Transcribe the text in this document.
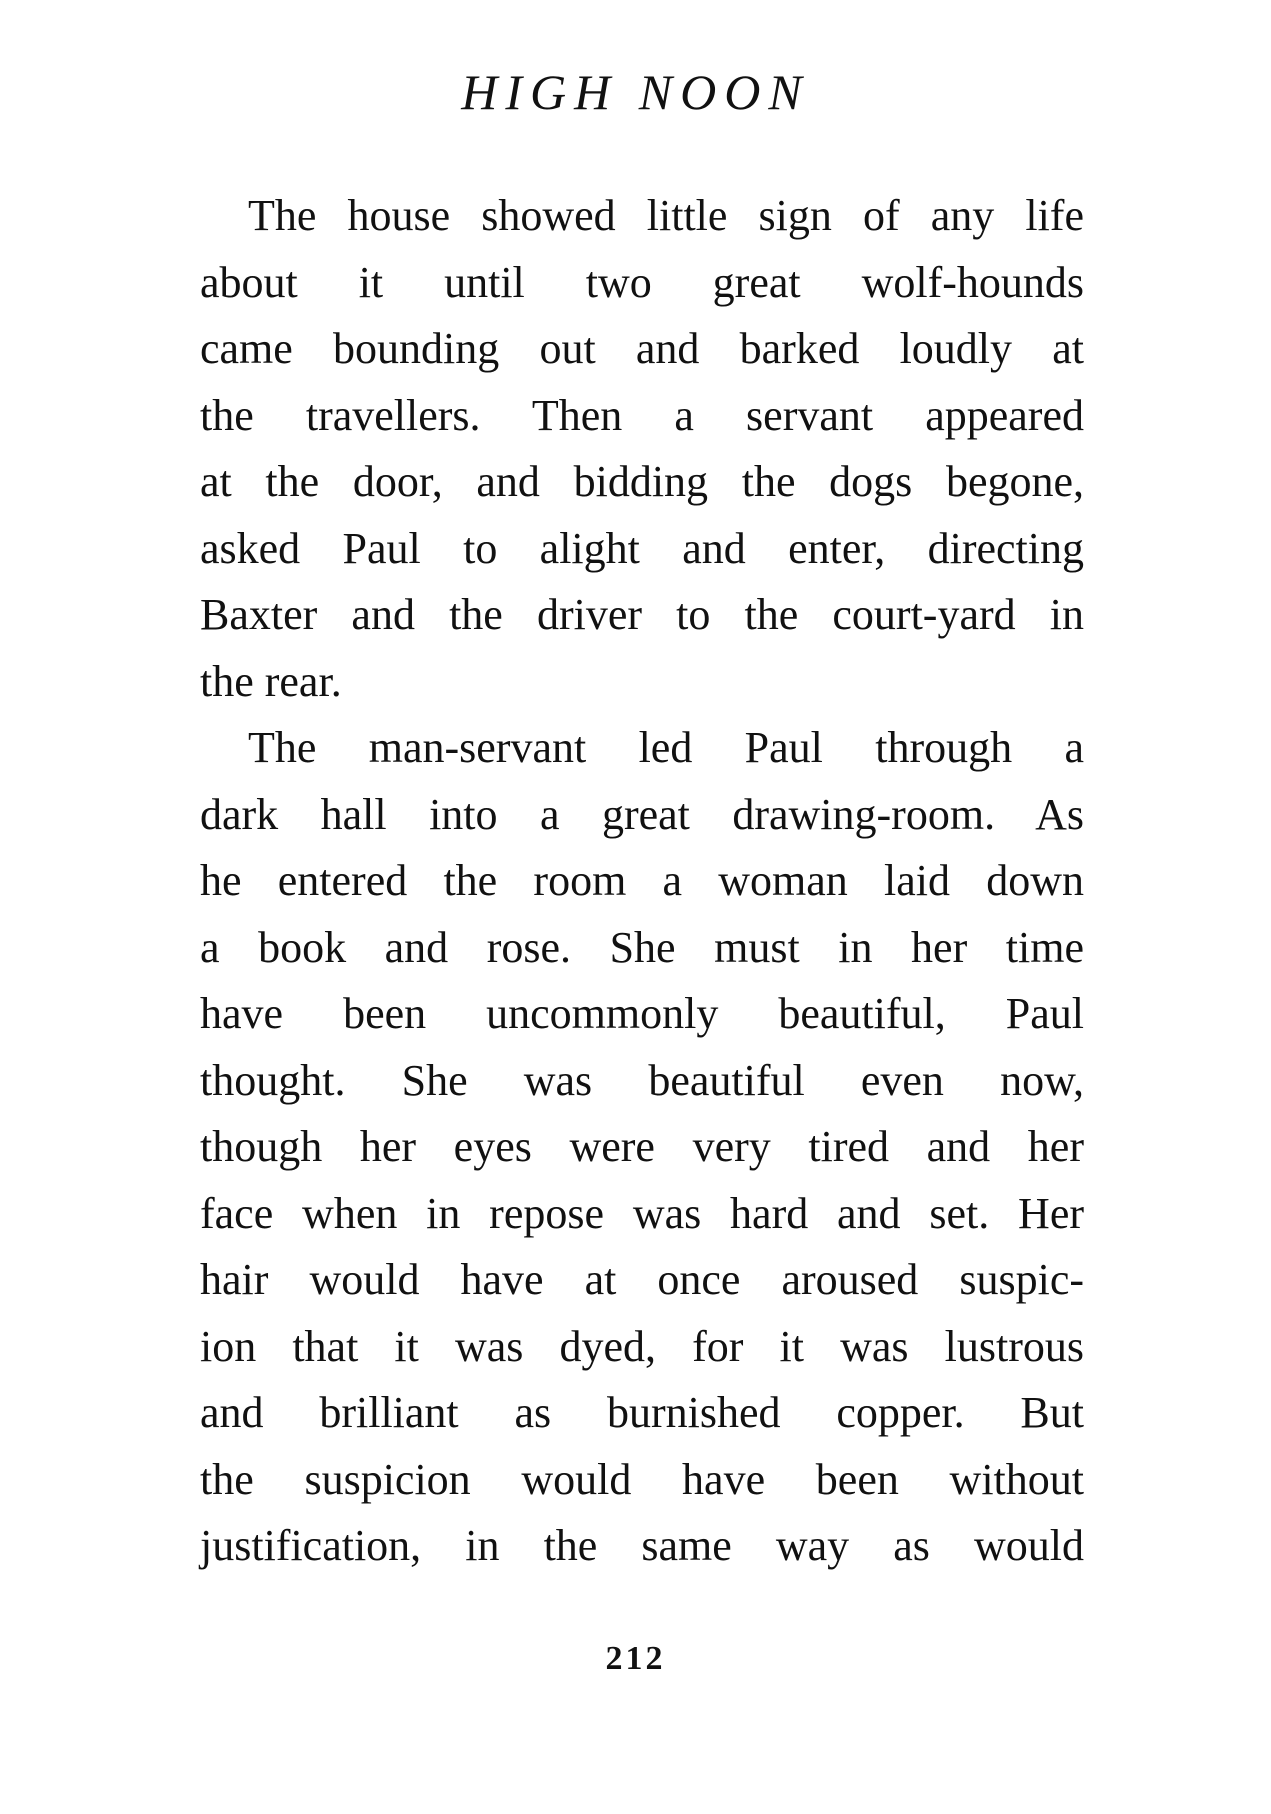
HIGH NOON
The house showed little sign of any life
about it until two great wolf-hounds
came bounding out and barked loudly at
the travellers. Then a servant appeared
at the door, and bidding the dogs begone,
asked Paul to alight and enter, directing
Baxter and the driver to the court-yard in
the rear.
The man-servant led Paul through a
dark hall into a great drawing-room. As
he entered the room a woman laid down
a book and rose. She must in her time
have been uncommonly beautiful, Paul
thought. She was beautiful even now,
though her eyes were very tired and her
face when in repose was hard and set. Her
hair would have at once aroused suspic-
ion that it was dyed, for it was lustrous
and brilliant as burnished copper. But
the suspicion would have been without
justification, in the same way as would
212
